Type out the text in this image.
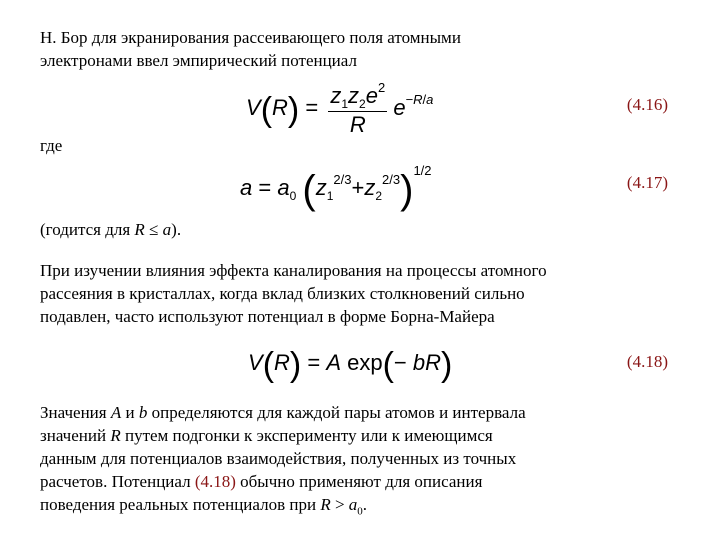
Н. Бор для экранирования рассеивающего поля атомными
электронами ввел эмпирический потенциал
$V(R) = \frac{z_1z_2e^2}{R} e^{-R/a}$	(4.16)
где
$a = a_0$ $(z_1^{2/3}+z_2^{2/3})^{1/2}$
(4.17)
(годится для R ≤ a).
При изучении влияния эффекта каналирования на процессы атомного
рассеяния в кристаллах, когда вклад близких столкновений сильно
подавлен, часто используют потенциал в форме Борна-Майера
V(R) = A exp(− bR)	(4.18)
Значения A и b определяются для каждой пары атомов и интервала
значений R путем подгонки к эксперименту или к имеющимся
данным для потенциалов взаимодействия, полученных из точных
расчетов. Потенциал (4.18) обычно применяют для описания
поведения реальных потенциалов при $R > a_0$.
